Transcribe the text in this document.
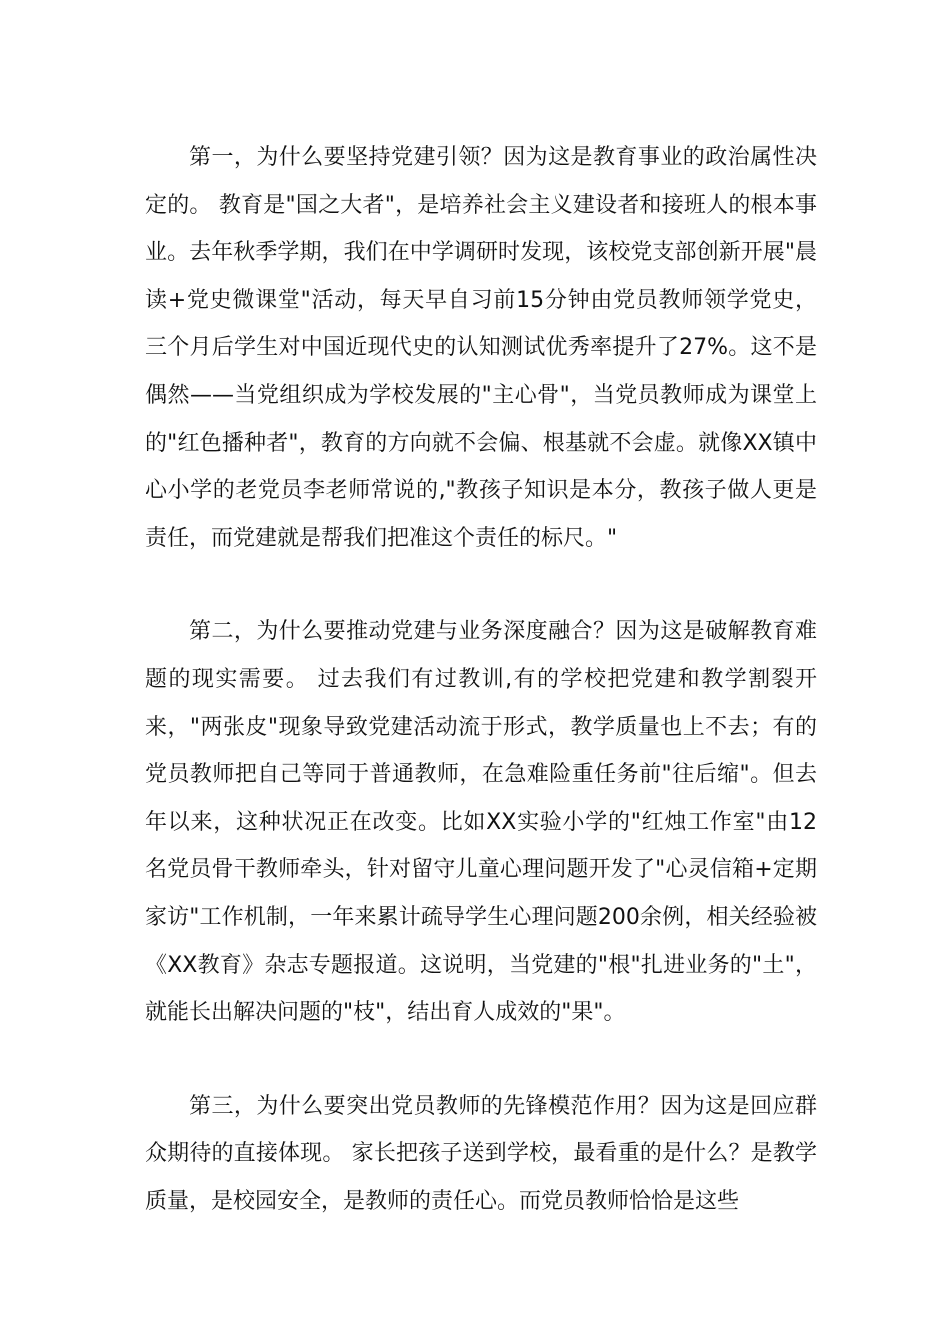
第一，为什么要坚持党建引领？因为这是教育事业的政治属性决定的。 教育是"国之大者"，是培养社会主义建设者和接班人的根本事业。去年秋季学期，我们在中学调研时发现，该校党支部创新开展"晨读+党史微课堂"活动，每天早自习前15分钟由党员教师领学党史，三个月后学生对中国近现代史的认知测试优秀率提升了27%。这不是偶然——当党组织成为学校发展的"主心骨"，当党员教师成为课堂上的"红色播种者"，教育的方向就不会偏、根基就不会虚。就像XX镇中心小学的老党员李老师常说的,"教孩子知识是本分，教孩子做人更是责任，而党建就是帮我们把准这个责任的标尺。"

第二，为什么要推动党建与业务深度融合？因为这是破解教育难题的现实需要。 过去我们有过教训,有的学校把党建和教学割裂开来，"两张皮"现象导致党建活动流于形式，教学质量也上不去；有的党员教师把自己等同于普通教师，在急难险重任务前"往后缩"。但去年以来，这种状况正在改变。比如XX实验小学的"红烛工作室"由12名党员骨干教师牵头，针对留守儿童心理问题开发了"心灵信箱+定期家访"工作机制，一年来累计疏导学生心理问题200余例，相关经验被《XX教育》杂志专题报道。这说明，当党建的"根"扎进业务的"土"，就能长出解决问题的"枝"，结出育人成效的"果"。

第三，为什么要突出党员教师的先锋模范作用？因为这是回应群众期待的直接体现。 家长把孩子送到学校，最看重的是什么？是教学质量，是校园安全，是教师的责任心。而党员教师恰恰是这些
